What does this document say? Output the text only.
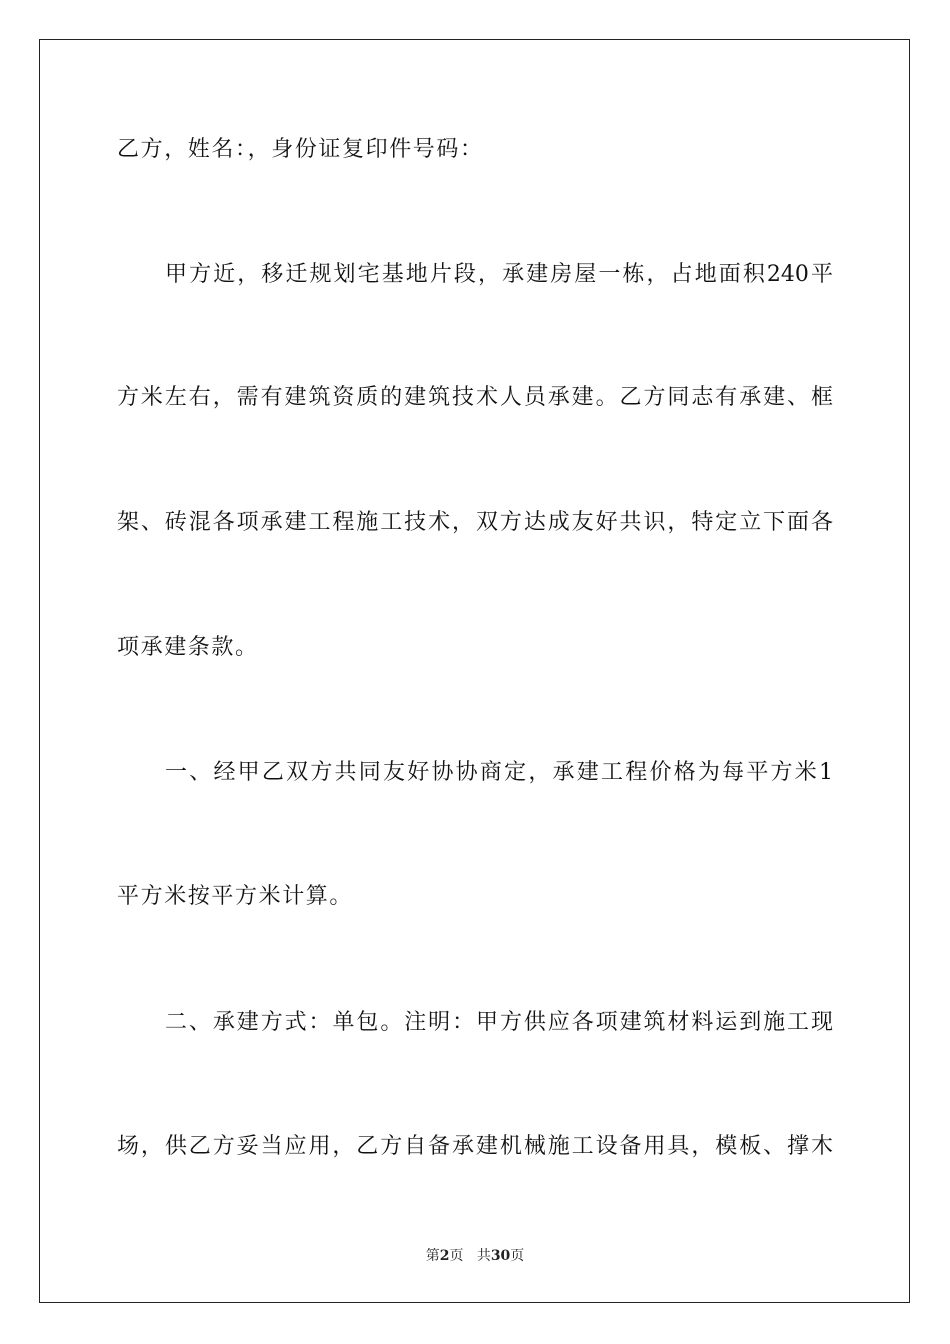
乙方，姓名：，身份证复印件号码：
甲方近，移迁规划宅基地片段，承建房屋一栋，占地面积240平
方米左右，需有建筑资质的建筑技术人员承建。乙方同志有承建、框
架、砖混各项承建工程施工技术，双方达成友好共识，特定立下面各
项承建条款。
一、经甲乙双方共同友好协协商定，承建工程价格为每平方米1
平方米按平方米计算。
二、承建方式：单包。注明：甲方供应各项建筑材料运到施工现
场，供乙方妥当应用，乙方自备承建机械施工设备用具，模板、撑木
第2页 共30页
